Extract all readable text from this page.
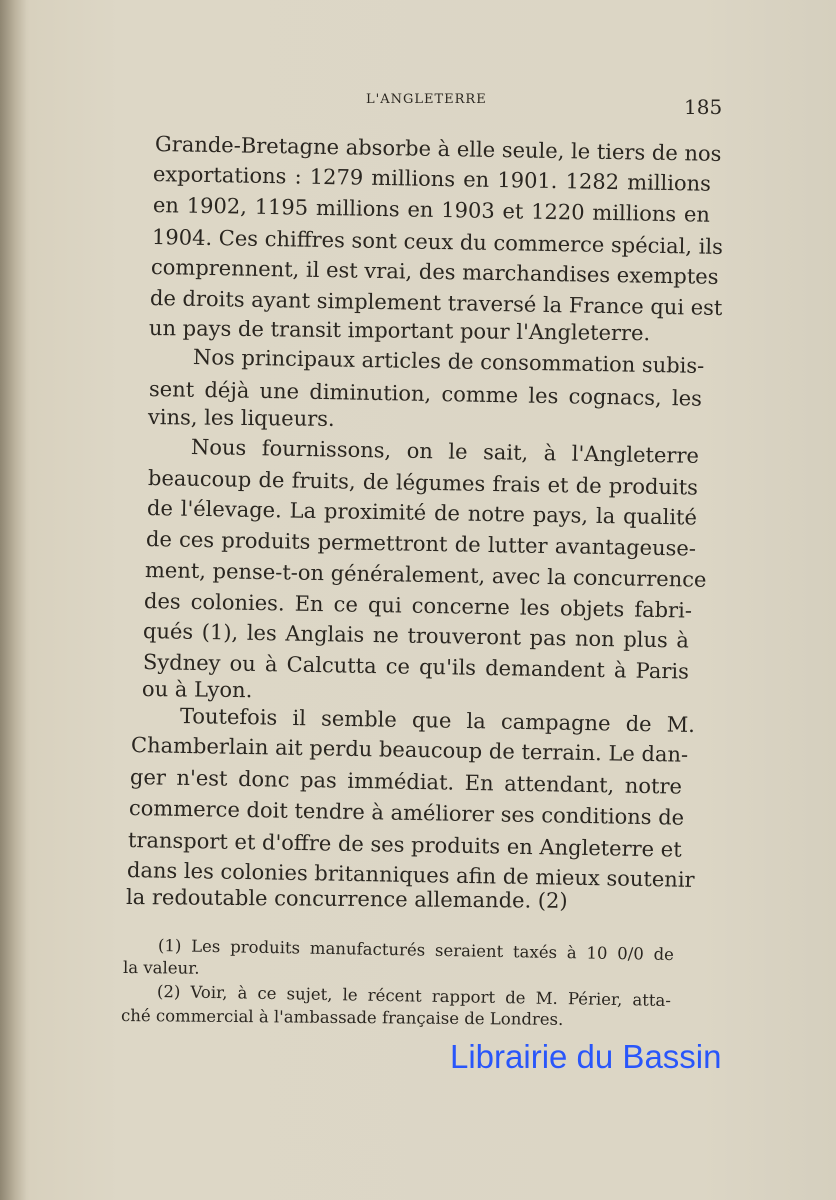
L'ANGLETERRE	185
Grande-Bretagne absorbe à elle seule, le tiers de nos
exportations : 1279 millions en 1901. 1282 millions
en 1902, 1195 millions en 1903 et 1220 millions en
1904. Ces chiffres sont ceux du commerce spécial, ils
comprennent, il est vrai, des marchandises exemptes
de droits ayant simplement traversé la France qui est
un pays de transit important pour l'Angleterre.
Nos principaux articles de consommation subis-
sent déjà une diminution, comme les cognacs, les
vins, les liqueurs.
Nous fournissons, on le sait, à l'Angleterre
beaucoup de fruits, de légumes frais et de produits
de l'élevage. La proximité de notre pays, la qualité
de ces produits permettront de lutter avantageuse-
ment, pense-t-on généralement, avec la concurrence
des colonies. En ce qui concerne les objets fabri-
qués (1), les Anglais ne trouveront pas non plus à
Sydney ou à Calcutta ce qu'ils demandent à Paris
ou à Lyon.
Toutefois il semble que la campagne de M.
Chamberlain ait perdu beaucoup de terrain. Le dan-
ger n'est donc pas immédiat. En attendant, notre
commerce doit tendre à améliorer ses conditions de
transport et d'offre de ses produits en Angleterre et
dans les colonies britanniques afin de mieux soutenir
la redoutable concurrence allemande. (2)
(1) Les produits manufacturés seraient taxés à 10 0/0 de
la valeur.
(2) Voir, à ce sujet, le récent rapport de M. Périer, atta-
ché commercial à l'ambassade française de Londres.
Librairie du Bassin
